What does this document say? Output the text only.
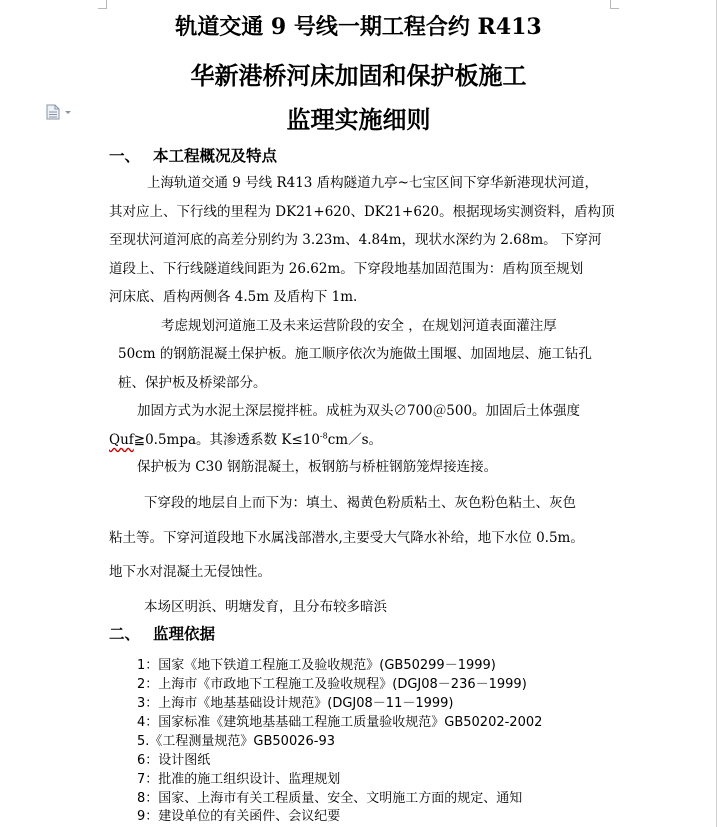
轨道交通 9 号线一期工程合约 R413
华新港桥河床加固和保护板施工
监理实施细则
一、 本工程概况及特点
上海轨道交通 9 号线 R413 盾构隧道九亭~七宝区间下穿华新港现状河道，
其对应上、下行线的里程为 DK21+620、DK21+620。根据现场实测资料，盾构顶
至现状河道河底的高差分别约为 3.23m、4.84m，现状水深约为 2.68m。 下穿河
道段上、下行线隧道线间距为 26.62m。下穿段地基加固范围为：盾构顶至规划
河床底、盾构两侧各 4.5m 及盾构下 1m.
考虑规划河道施工及未来运营阶段的安全 ，在规划河道表面灌注厚
50cm 的钢筋混凝土保护板。施工顺序依次为施做土围堰、加固地层、施工钻孔
桩、保护板及桥梁部分。
加固方式为水泥土深层搅拌桩。成桩为双头∅700＠500。加固后土体强度
Quf≧0.5mpa。其渗透系数 $K\le 10^{-8}cm/s$。
保护板为 C30 钢筋混凝土，板钢筋与桥桩钢筋笼焊接连接。
下穿段的地层自上而下为：填土、褐黄色粉质粘土、灰色粉色粘土、灰色
粘土等。下穿河道段地下水属浅部潜水,主要受大气降水补给，地下水位 0.5m。
地下水对混凝土无侵蚀性。
本场区明浜、明塘发育，且分布较多暗浜
二、 监理依据
1：国家《地下铁道工程施工及验收规范》(GB50299－1999)
2：上海市《市政地下工程施工及验收规程》(DGJ08－236－1999)
3：上海市《地基基础设计规范》(DGJ08－11－1999)
4：国家标准《建筑地基基础工程施工质量验收规范》GB50202-2002
5.《工程测量规范》GB50026-93
6：设计图纸
7：批准的施工组织设计、监理规划
8：国家、上海市有关工程质量、安全、文明施工方面的规定、通知
9：建设单位的有关函件、会议纪要
